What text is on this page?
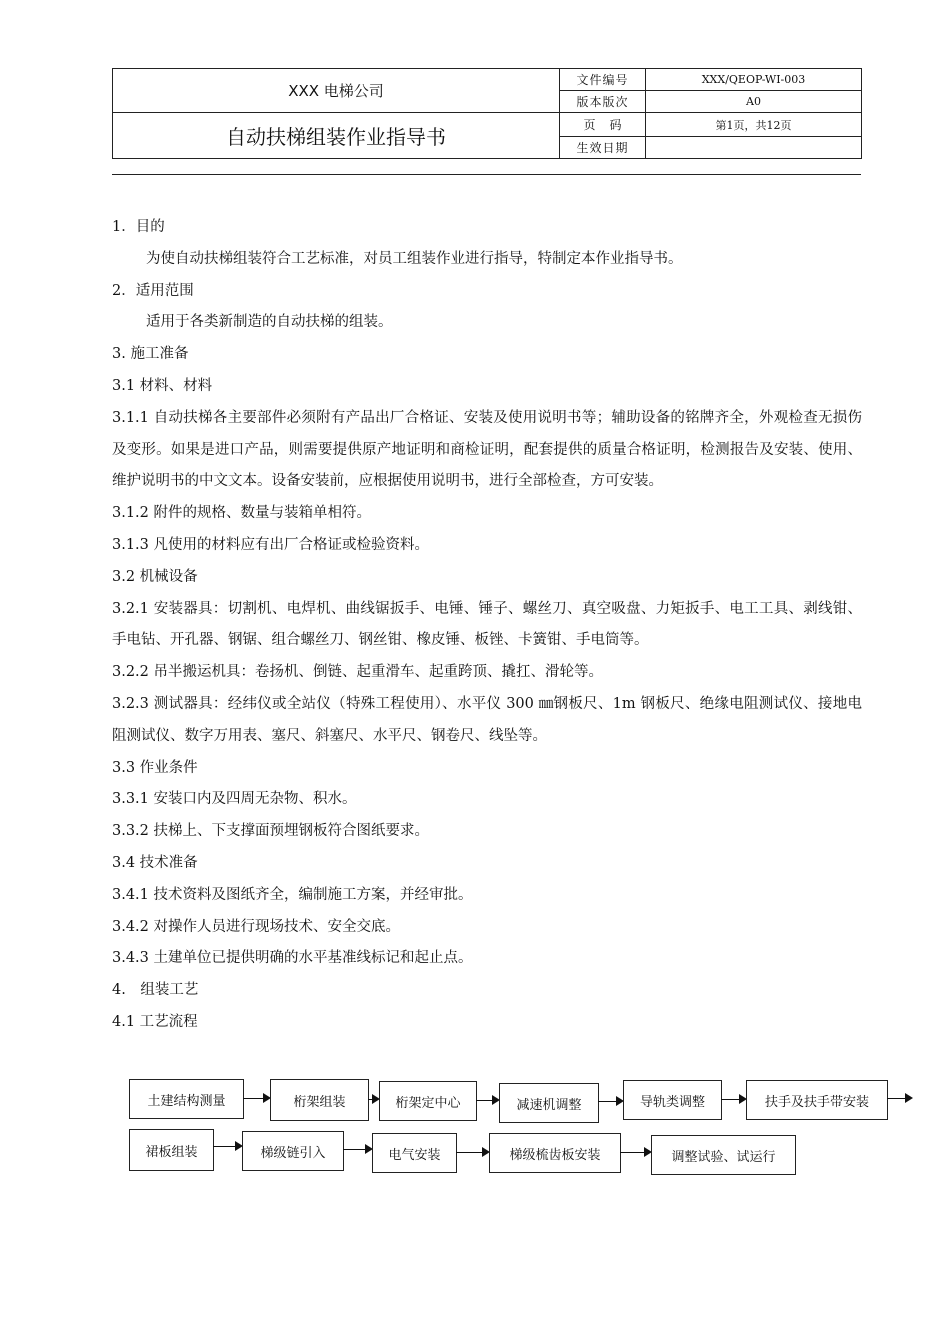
XXX 电梯公司	文件编号	XXX/QEOP-WI-003
	版本版次	A0
自动扶梯组装作业指导书	页码	第1页，共12页
	生效日期	

1．目的

为使自动扶梯组装符合工艺标准，对员工组装作业进行指导，特制定本作业指导书。

2．适用范围

适用于各类新制造的自动扶梯的组装。

3. 施工准备

3.1 材料、材料

3.1.1 自动扶梯各主要部件必须附有产品出厂合格证、安装及使用说明书等；辅助设备的铭牌齐全，外观检查无损伤及变形。如果是进口产品，则需要提供原产地证明和商检证明，配套提供的质量合格证明，检测报告及安装、使用、维护说明书的中文文本。设备安装前，应根据使用说明书，进行全部检查，方可安装。

3.1.2 附件的规格、数量与装箱单相符。

3.1.3 凡使用的材料应有出厂合格证或检验资料。

3.2 机械设备

3.2.1 安装器具：切割机、电焊机、曲线锯扳手、电锤、锤子、螺丝刀、真空吸盘、力矩扳手、电工工具、剥线钳、手电钻、开孔器、钢锯、组合螺丝刀、钢丝钳、橡皮锤、板锉、卡簧钳、手电筒等。

3.2.2 吊半搬运机具：卷扬机、倒链、起重滑车、起重跨顶、撬扛、滑轮等。

3.2.3 测试器具：经纬仪或全站仪（特殊工程使用）、水平仪 300 ㎜钢板尺、1m 钢板尺、绝缘电阻测试仪、接地电阻测试仪、数字万用表、塞尺、斜塞尺、水平尺、钢卷尺、线坠等。

3.3 作业条件

3.3.1 安装口内及四周无杂物、积水。

3.3.2 扶梯上、下支撑面预埋钢板符合图纸要求。

3.4 技术准备

3.4.1 技术资料及图纸齐全，编制施工方案，并经审批。

3.4.2 对操作人员进行现场技术、安全交底。

3.4.3 土建单位已提供明确的水平基准线标记和起止点。

4.　组装工艺

4.1 工艺流程

土建结构测量	桁架组装	桁架定中心	减速机调整	导轨类调整	扶手及扶手带安装
裙板组装	梯级链引入	电气安装	梯级梳齿板安装	调整试验、试运行
